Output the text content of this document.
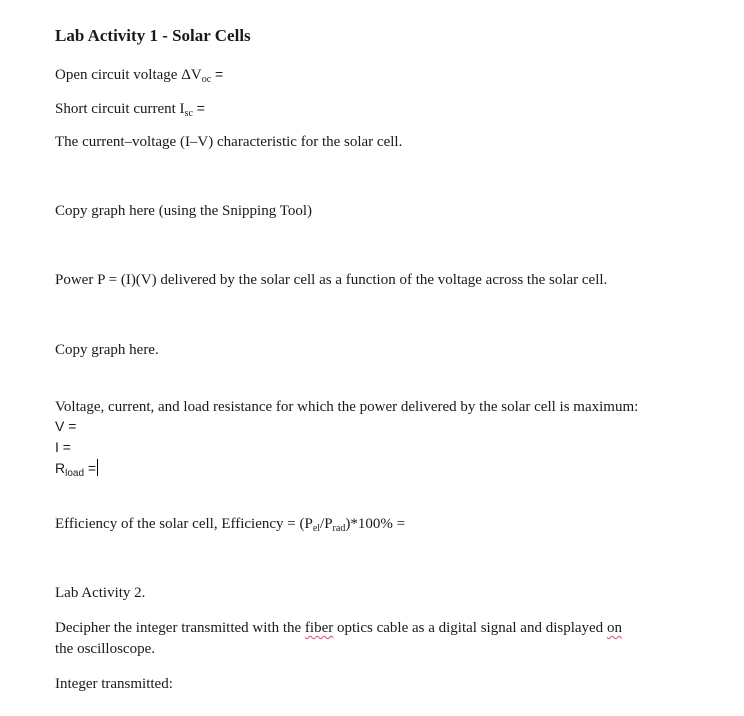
Lab Activity 1 - Solar Cells
Open circuit voltage $\Delta V_{oc}$ =
Short circuit current $I_{sc}$ =
The current–voltage (I–V) characteristic for the solar cell.
Copy graph here (using the Snipping Tool)
Power P = (I)(V) delivered by the solar cell as a function of the voltage across the solar cell.
Copy graph here.
Voltage, current, and load resistance for which the power delivered by the solar cell is maximum:
V =
I =
$R_{load}$ =
Efficiency of the solar cell, Efficiency = $(P_{el}/P_{rad})*100\%$ =
Lab Activity 2.
Decipher the integer transmitted with the fiber optics cable as a digital signal and displayed on
the oscilloscope.
Integer transmitted:
